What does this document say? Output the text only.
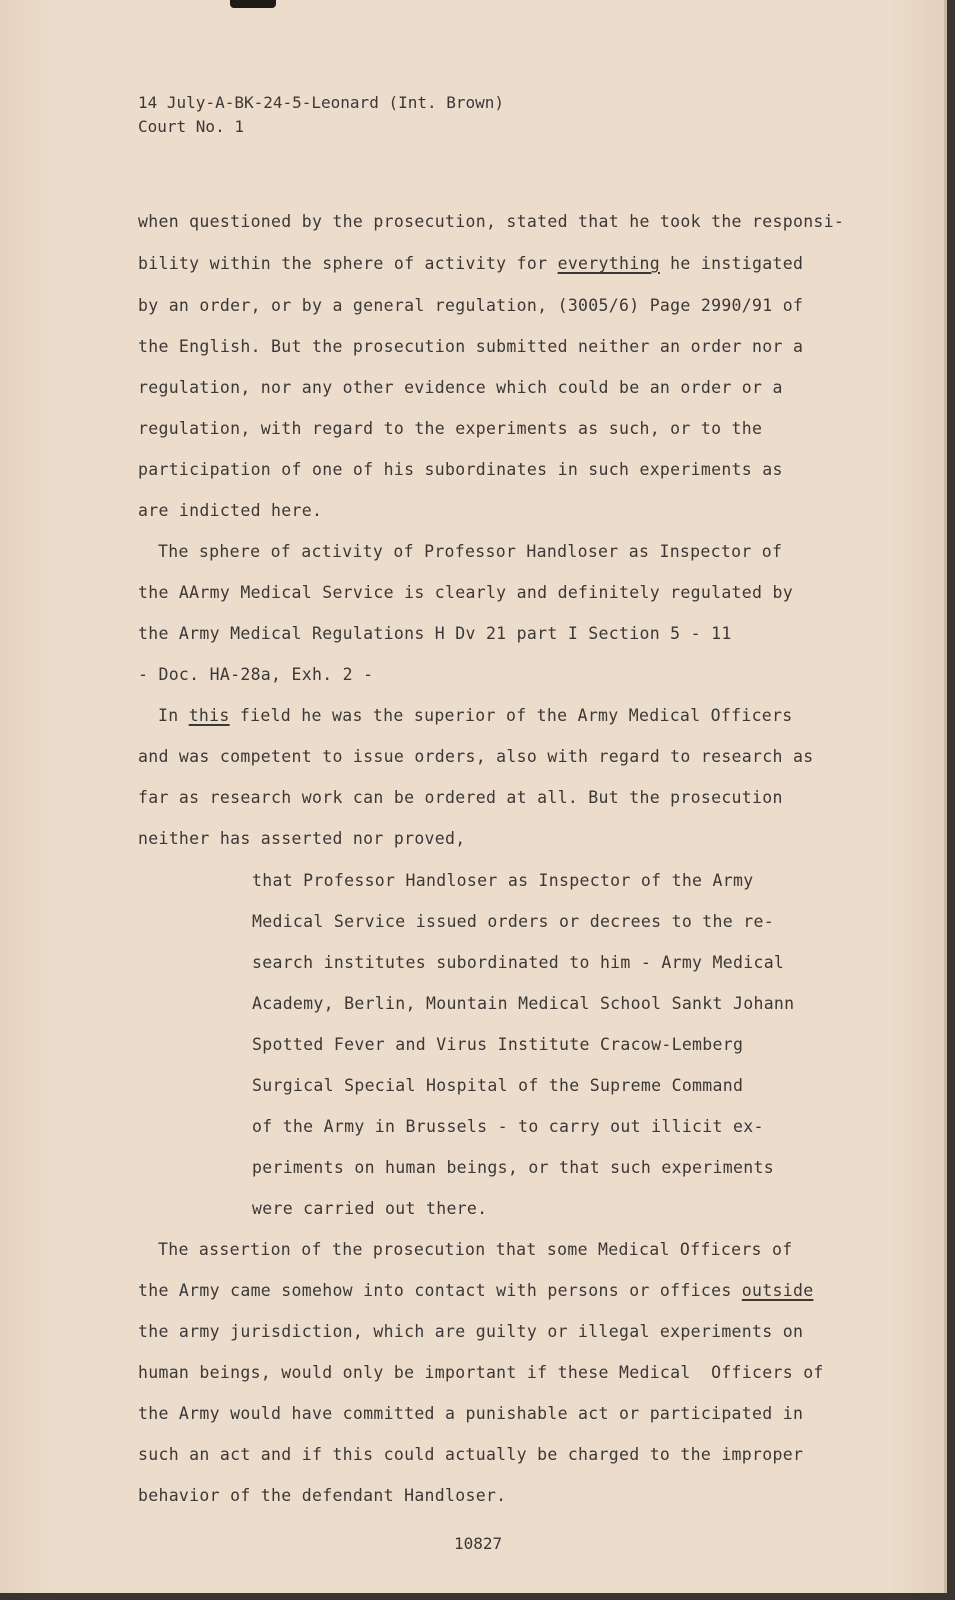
14 July-A-BK-24-5-Leonard (Int. Brown)
Court No. 1
when questioned by the prosecution, stated that he took the responsi-
bility within the sphere of activity for everything he instigated
by an order, or by a general regulation, (3005/6) Page 2990/91 of
the English. But the prosecution submitted neither an order nor a
regulation, nor any other evidence which could be an order or a
regulation, with regard to the experiments as such, or to the
participation of one of his subordinates in such experiments as
are indicted here.
The sphere of activity of Professor Handloser as Inspector of
the AArmy Medical Service is clearly and definitely regulated by
the Army Medical Regulations H Dv 21 part I Section 5 - 11
- Doc. HA-28a, Exh. 2 -
In this field he was the superior of the Army Medical Officers
and was competent to issue orders, also with regard to research as
far as research work can be ordered at all. But the prosecution
neither has asserted nor proved,
that Professor Handloser as Inspector of the Army
Medical Service issued orders or decrees to the re-
search institutes subordinated to him - Army Medical
Academy, Berlin, Mountain Medical School Sankt Johann
Spotted Fever and Virus Institute Cracow-Lemberg
Surgical Special Hospital of the Supreme Command
of the Army in Brussels - to carry out illicit ex-
periments on human beings, or that such experiments
were carried out there.
The assertion of the prosecution that some Medical Officers of
the Army came somehow into contact with persons or offices outside
the army jurisdiction, which are guilty or illegal experiments on
human beings, would only be important if these Medical  Officers of
the Army would have committed a punishable act or participated in
such an act and if this could actually be charged to the improper
behavior of the defendant Handloser.
10827
